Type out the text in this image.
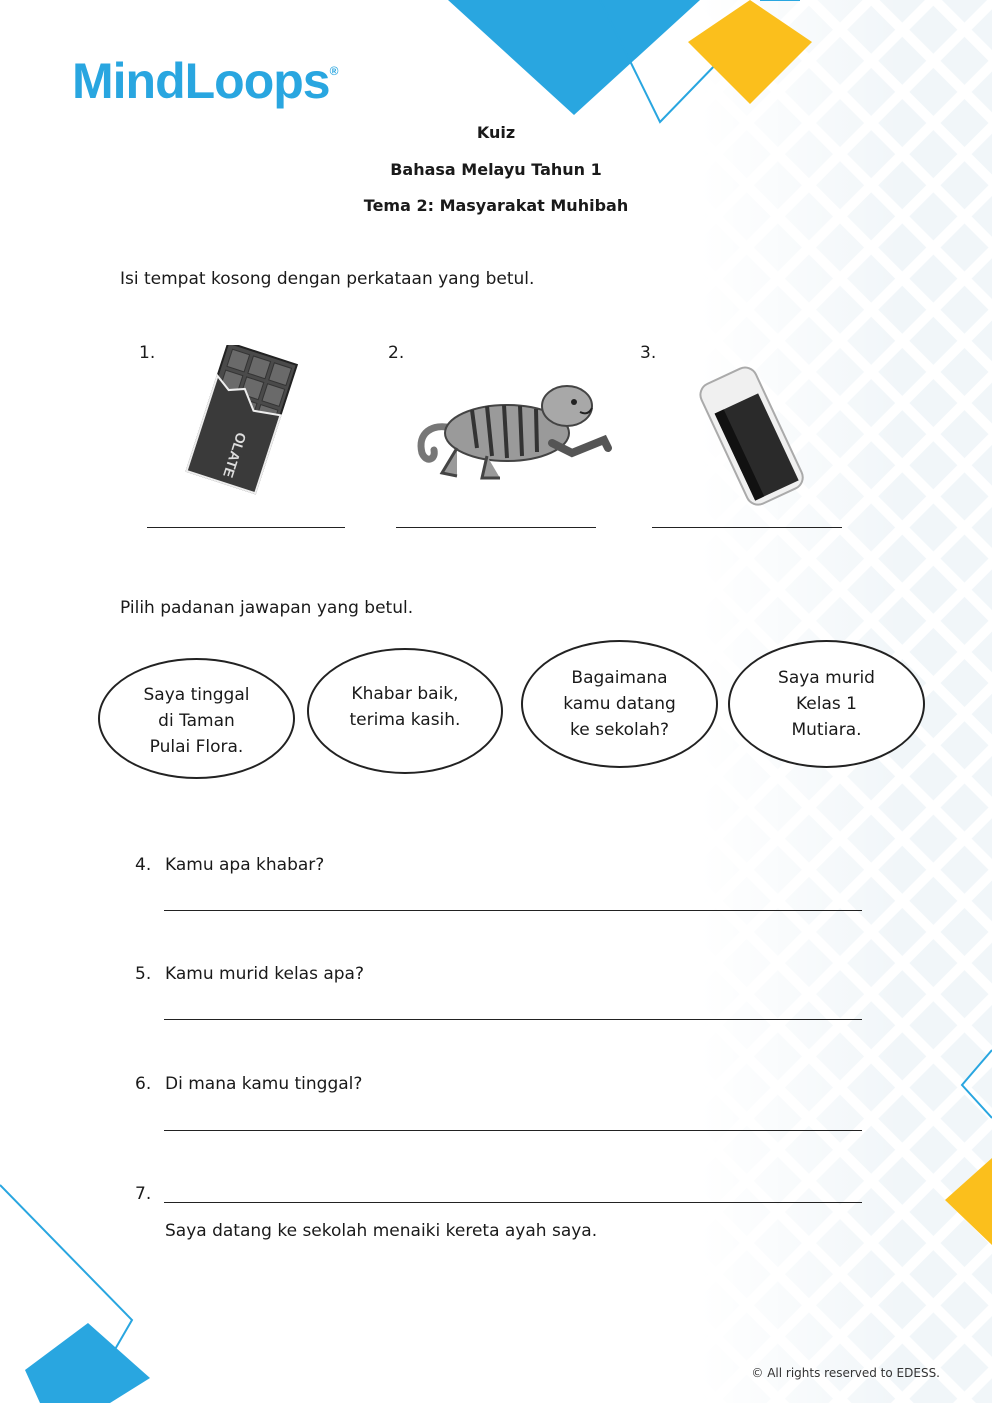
MindLoops®
Kuiz
Bahasa Melayu Tahun 1
Tema 2: Masyarakat Muhibah
Isi tempat kosong dengan perkataan yang betul.
1.	2.	3.
OLATE
Pilih padanan jawapan yang betul.
Saya tinggal
di Taman
Pulai Flora.
Khabar baik,
terima kasih.
Bagaimana
kamu datang
ke sekolah?
Saya murid
Kelas 1
Mutiara.
4. Kamu apa khabar?
5. Kamu murid kelas apa?
6. Di mana kamu tinggal?
7.
Saya datang ke sekolah menaiki kereta ayah saya.
© All rights reserved to EDESS.
